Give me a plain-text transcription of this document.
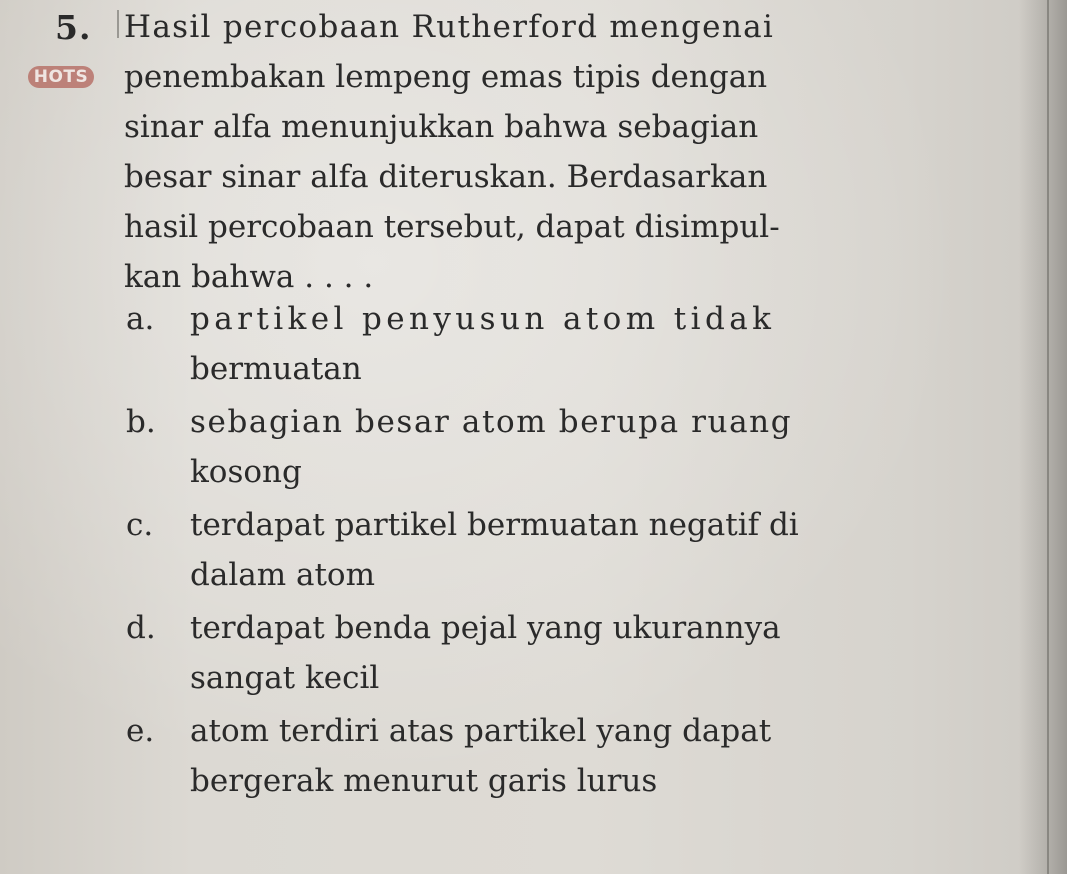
5.
HOTS
Hasil percobaan Rutherford mengenai
penembakan lempeng emas tipis dengan
sinar alfa menunjukkan bahwa sebagian
besar sinar alfa diteruskan. Berdasarkan
hasil percobaan tersebut, dapat disimpul-
kan bahwa . . . .
a. partikel penyusun atom tidak
bermuatan
b. sebagian besar atom berupa ruang
kosong
c. terdapat partikel bermuatan negatif di
dalam atom
d. terdapat benda pejal yang ukurannya
sangat kecil
e. atom terdiri atas partikel yang dapat
bergerak menurut garis lurus
